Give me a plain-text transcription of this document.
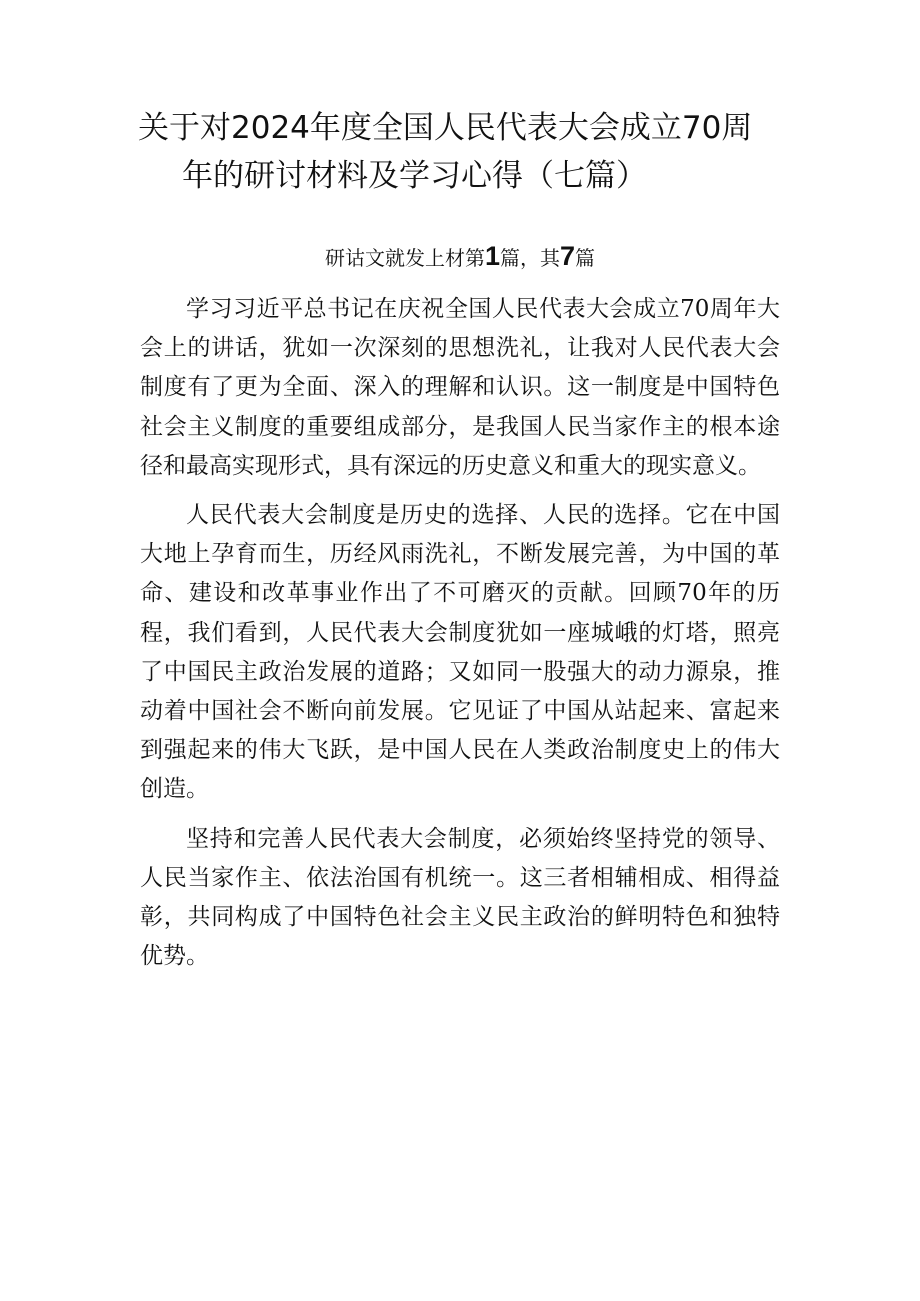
关于对2024年度全国人民代表大会成立70周
年的研讨材料及学习心得（七篇）
研诂文就发上材第1篇，其7篇

学习习近平总书记在庆祝全国人民代表大会成立70周年大会上的讲话，犹如一次深刻的思想洗礼，让我对人民代表大会制度有了更为全面、深入的理解和认识。这一制度是中国特色社会主义制度的重要组成部分，是我国人民当家作主的根本途径和最高实现形式，具有深远的历史意义和重大的现实意义。

人民代表大会制度是历史的选择、人民的选择。它在中国大地上孕育而生，历经风雨洗礼，不断发展完善，为中国的革命、建设和改革事业作出了不可磨灭的贡献。回顾70年的历程，我们看到，人民代表大会制度犹如一座城峨的灯塔，照亮了中国民主政治发展的道路；又如同一股强大的动力源泉，推动着中国社会不断向前发展。它见证了中国从站起来、富起来到强起来的伟大飞跃，是中国人民在人类政治制度史上的伟大创造。

坚持和完善人民代表大会制度，必须始终坚持党的领导、人民当家作主、依法治国有机统一。这三者相辅相成、相得益彰，共同构成了中国特色社会主义民主政治的鲜明特色和独特优势。
